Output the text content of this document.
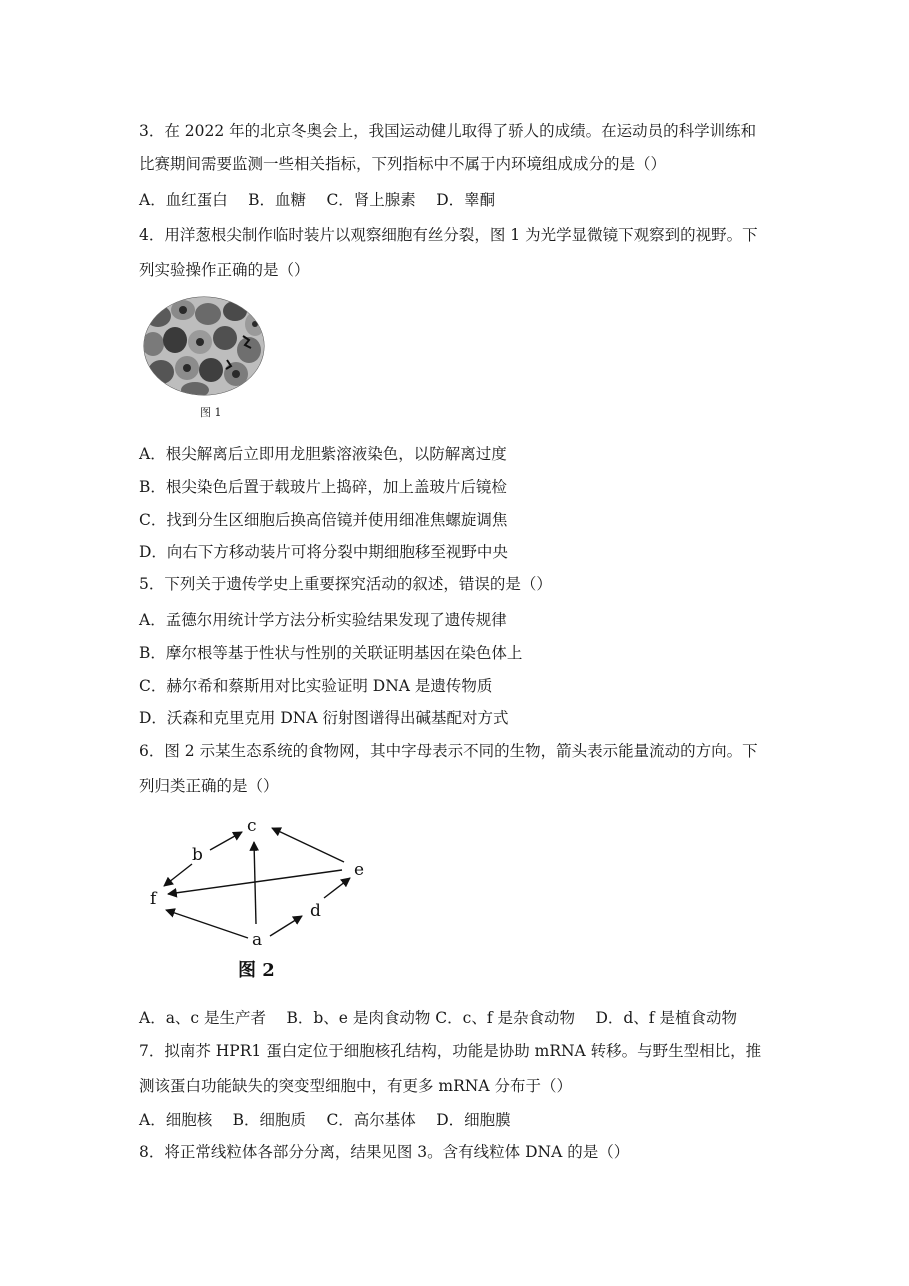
3．在 2022 年的北京冬奥会上，我国运动健儿取得了骄人的成绩。在运动员的科学训练和
比赛期间需要监测一些相关指标，下列指标中不属于内环境组成成分的是（）
A．血红蛋白　 B．血糖　 C．肾上腺素　 D．睾酮
4．用洋葱根尖制作临时装片以观察细胞有丝分裂，图 1 为光学显微镜下观察到的视野。下
列实验操作正确的是（）
图 1
A．根尖解离后立即用龙胆紫溶液染色，以防解离过度
B．根尖染色后置于载玻片上捣碎，加上盖玻片后镜检
C．找到分生区细胞后换高倍镜并使用细准焦螺旋调焦
D．向右下方移动装片可将分裂中期细胞移至视野中央
5．下列关于遗传学史上重要探究活动的叙述，错误的是（）
A．孟德尔用统计学方法分析实验结果发现了遗传规律
B．摩尔根等基于性状与性别的关联证明基因在染色体上
C．赫尔希和蔡斯用对比实验证明 DNA 是遗传物质
D．沃森和克里克用 DNA 衍射图谱得出碱基配对方式
6．图 2 示某生态系统的食物网，其中字母表示不同的生物，箭头表示能量流动的方向。下
列归类正确的是（）
c
b
e
f
d
a
图 2
A．a、c 是生产者　 B．b、e 是肉食动物 C．c、f 是杂食动物　 D．d、f 是植食动物
7．拟南芥 HPR1 蛋白定位于细胞核孔结构，功能是协助 mRNA 转移。与野生型相比，推
测该蛋白功能缺失的突变型细胞中，有更多 mRNA 分布于（）
A．细胞核　 B．细胞质　 C．高尔基体　 D．细胞膜
8．将正常线粒体各部分分离，结果见图 3。含有线粒体 DNA 的是（）
